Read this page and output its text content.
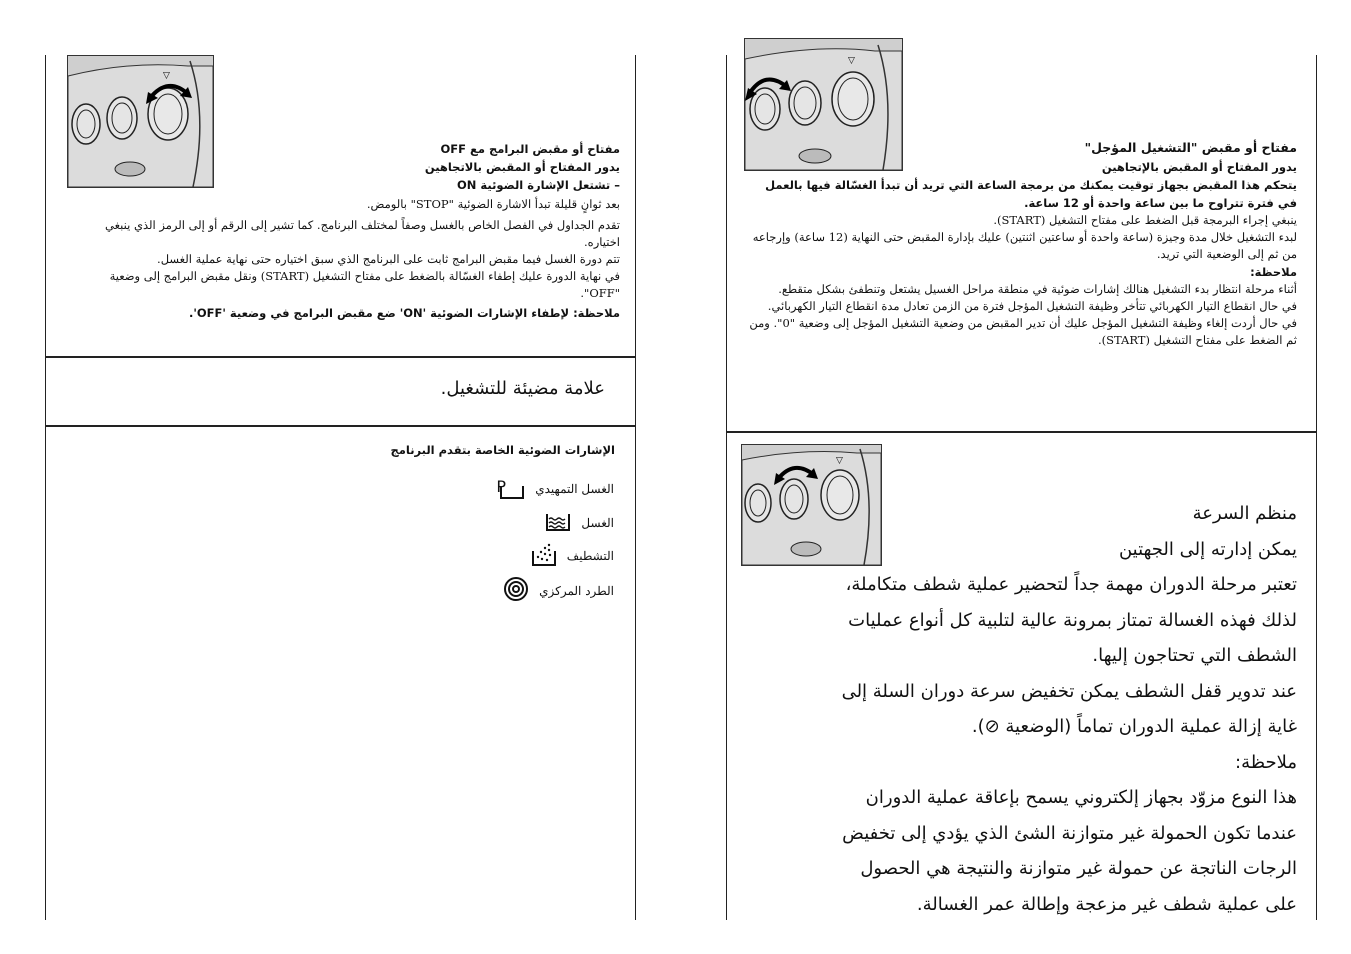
▽
▽
▽

مفتاح أو مقبض البرامج مع OFF

يدور المفتاح أو المقبض بالاتجاهين

– تشتعل الإشارة الضوئية ON

بعد ثوانٍ قليلة تبدأ الاشارة الضوئية "STOP" بالومض.

تقدم الجداول في الفصل الخاص بالغسل وصفاً لمختلف البرنامج. كما تشير إلى الرقم أو إلى الرمز الذي ينبغي اختياره.

تتم دورة الغسل فيما مقبض البرامج ثابت على البرنامج الذي سبق اختياره حتى نهاية عملية الغسل.

في نهاية الدورة عليك إطفاء الغسّالة بالضغط على مفتاح التشغيل (START) ونقل مقبض البرامج إلى وضعية "OFF".

ملاحظة: لإطفاء الإشارات الضوئية 'ON' ضع مقبض البرامج في وضعية 'OFF'.

علامة مضيئة للتشغيل.
الإشارات الضوئية الخاصة بتقدم البرنامج
P الغسل التمهيدي
الغسل
التشطيف
الطرد المركزي

مفتاح أو مقبض "التشغيل المؤجل"

يدور المفتاح أو المقبض بالإتجاهين

يتحكم هذا المقبض بجهاز توقيت يمكنك من برمجة الساعة التي تريد أن تبدأ الغسّالة فيها بالعمل في فترة تتراوح ما بين ساعة واحدة أو 12 ساعة.

ينبغي إجراء البرمجة قبل الضغط على مفتاح التشغيل (START).

لبدء التشغيل خلال مدة وجيزة (ساعة واحدة أو ساعتين اثنتين) عليك بإدارة المقبض حتى النهاية (12 ساعة) وإرجاعه من ثم إلى الوضعية التي تريد.

ملاحظة:

أثناء مرحلة انتظار بدء التشغيل هنالك إشارات ضوئية في منطقة مراحل الغسيل يشتعل وتنطفئ بشكل متقطع.

في حال انقطاع التيار الكهربائي تتأخر وظيفة التشغيل المؤجل فترة من الزمن تعادل مدة انقطاع التيار الكهربائي.

في حال أردت إلغاء وظيفة التشغيل المؤجل عليك أن تدير المقبض من وضعية التشغيل المؤجل إلى وضعية "0". ومن ثم الضغط على مفتاح التشغيل (START).

منظم السرعة

يمكن إدارته إلى الجهتين

تعتبر مرحلة الدوران مهمة جداً لتحضير عملية شطف متكاملة،

لذلك فهذه الغسالة تمتاز بمرونة عالية لتلبية كل أنواع عمليات

الشطف التي تحتاجون إليها.

عند تدوير قفل الشطف يمكن تخفيض سرعة دوران السلة إلى

غاية إزالة عملية الدوران تماماً (الوضعية ⊘).

ملاحظة:

هذا النوع مزوّد بجهاز إلكتروني يسمح بإعاقة عملية الدوران

عندما تكون الحمولة غير متوازنة الشئ الذي يؤدي إلى تخفيض

الرجات الناتجة عن حمولة غير متوازنة والنتيجة هي الحصول

على عملية شطف غير مزعجة وإطالة عمر الغسالة.
